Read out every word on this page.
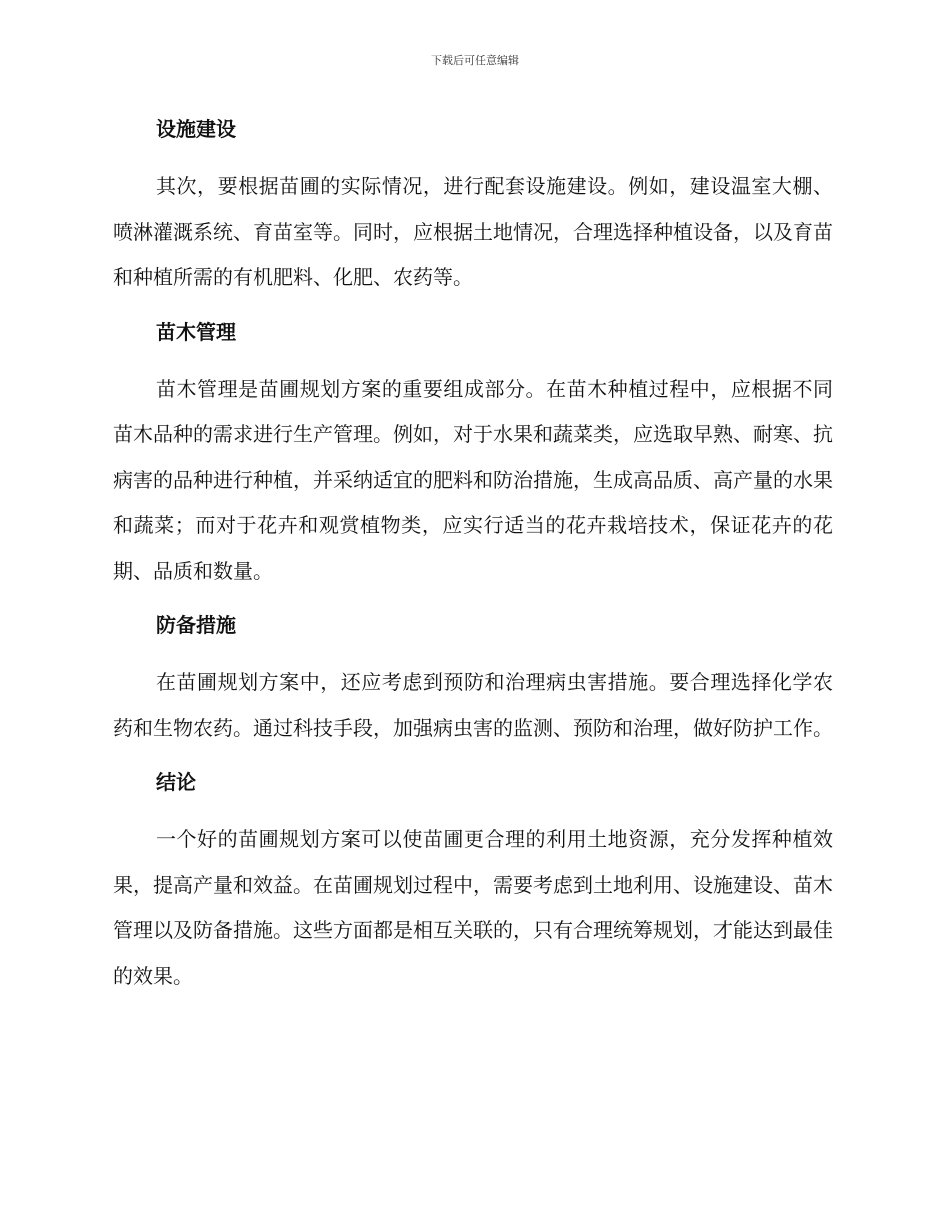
下载后可任意编辑
设施建设

其次，要根据苗圃的实际情况，进行配套设施建设。例如，建设温室大棚、喷淋灌溉系统、育苗室等。同时，应根据土地情况，合理选择种植设备，以及育苗和种植所需的有机肥料、化肥、农药等。

苗木管理

苗木管理是苗圃规划方案的重要组成部分。在苗木种植过程中，应根据不同苗木品种的需求进行生产管理。例如，对于水果和蔬菜类，应选取早熟、耐寒、抗病害的品种进行种植，并采纳适宜的肥料和防治措施，生成高品质、高产量的水果和蔬菜；而对于花卉和观赏植物类，应实行适当的花卉栽培技术，保证花卉的花期、品质和数量。

防备措施

在苗圃规划方案中，还应考虑到预防和治理病虫害措施。要合理选择化学农药和生物农药。通过科技手段，加强病虫害的监测、预防和治理，做好防护工作。

结论

一个好的苗圃规划方案可以使苗圃更合理的利用土地资源，充分发挥种植效果，提高产量和效益。在苗圃规划过程中，需要考虑到土地利用、设施建设、苗木管理以及防备措施。这些方面都是相互关联的，只有合理统筹规划，才能达到最佳的效果。
